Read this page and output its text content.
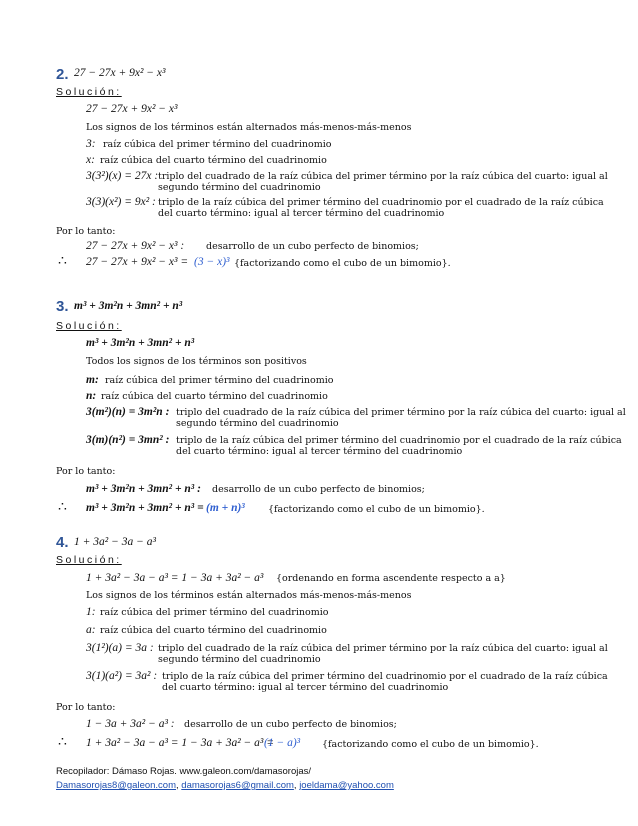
2. 27 − 27x + 9x² − x³
Solución:
27 − 27x + 9x² − x³
Los signos de los términos están alternados más-menos-más-menos
3: raíz cúbica del primer término del cuadrinomio
x: raíz cúbica del cuarto término del cuadrinomio
3(3²)(x) = 27x : triplo del cuadrado de la raíz cúbica del primer término por la raíz cúbica del cuarto: igual al
segundo término del cuadrinomio
3(3)(x²) = 9x² : triplo de la raíz cúbica del primer término del cuadrinomio por el cuadrado de la raíz cúbica
del cuarto término: igual al tercer término del cuadrinomio
Por lo tanto:
27 − 27x + 9x² − x³ : desarrollo de un cubo perfecto de binomios;
∴ 27 − 27x + 9x² − x³ = (3 − x)³ {factorizando como el cubo de un bimomio}.
3. m³ + 3m²n + 3mn² + n³
Solución:
m³ + 3m²n + 3mn² + n³
Todos los signos de los términos son positivos
m: raíz cúbica del primer término del cuadrinomio
n: raíz cúbica del cuarto término del cuadrinomio
3(m²)(n) = 3m²n : triplo del cuadrado de la raíz cúbica del primer término por la raíz cúbica del cuarto: igual al
segundo término del cuadrinomio
3(m)(n²) = 3mn² : triplo de la raíz cúbica del primer término del cuadrinomio por el cuadrado de la raíz cúbica
del cuarto término: igual al tercer término del cuadrinomio
Por lo tanto:
m³ + 3m²n + 3mn² + n³ : desarrollo de un cubo perfecto de binomios;
∴ m³ + 3m²n + 3mn² + n³ = (m + n)³ {factorizando como el cubo de un bimomio}.
4. 1 + 3a² − 3a − a³
Solución:
1 + 3a² − 3a − a³ = 1 − 3a + 3a² − a³ {ordenando en forma ascendente respecto a a}
Los signos de los términos están alternados más-menos-más-menos
1: raíz cúbica del primer término del cuadrinomio
a: raíz cúbica del cuarto término del cuadrinomio
3(1²)(a) = 3a : triplo del cuadrado de la raíz cúbica del primer término por la raíz cúbica del cuarto: igual al
segundo término del cuadrinomio
3(1)(a²) = 3a² : triplo de la raíz cúbica del primer término del cuadrinomio por el cuadrado de la raíz cúbica
del cuarto término: igual al tercer término del cuadrinomio
Por lo tanto:
1 − 3a + 3a² − a³ : desarrollo de un cubo perfecto de binomios;
∴ 1 + 3a² − 3a − a³ = 1 − 3a + 3a² − a³ =
(1 − a)³ {factorizando como el cubo de un bimomio}.
Recopilador: Dámaso Rojas. www.galeon.com/damasorojas/
Damasorojas8@galeon.com, damasorojas6@gmail.com, joeldama@yahoo.com
